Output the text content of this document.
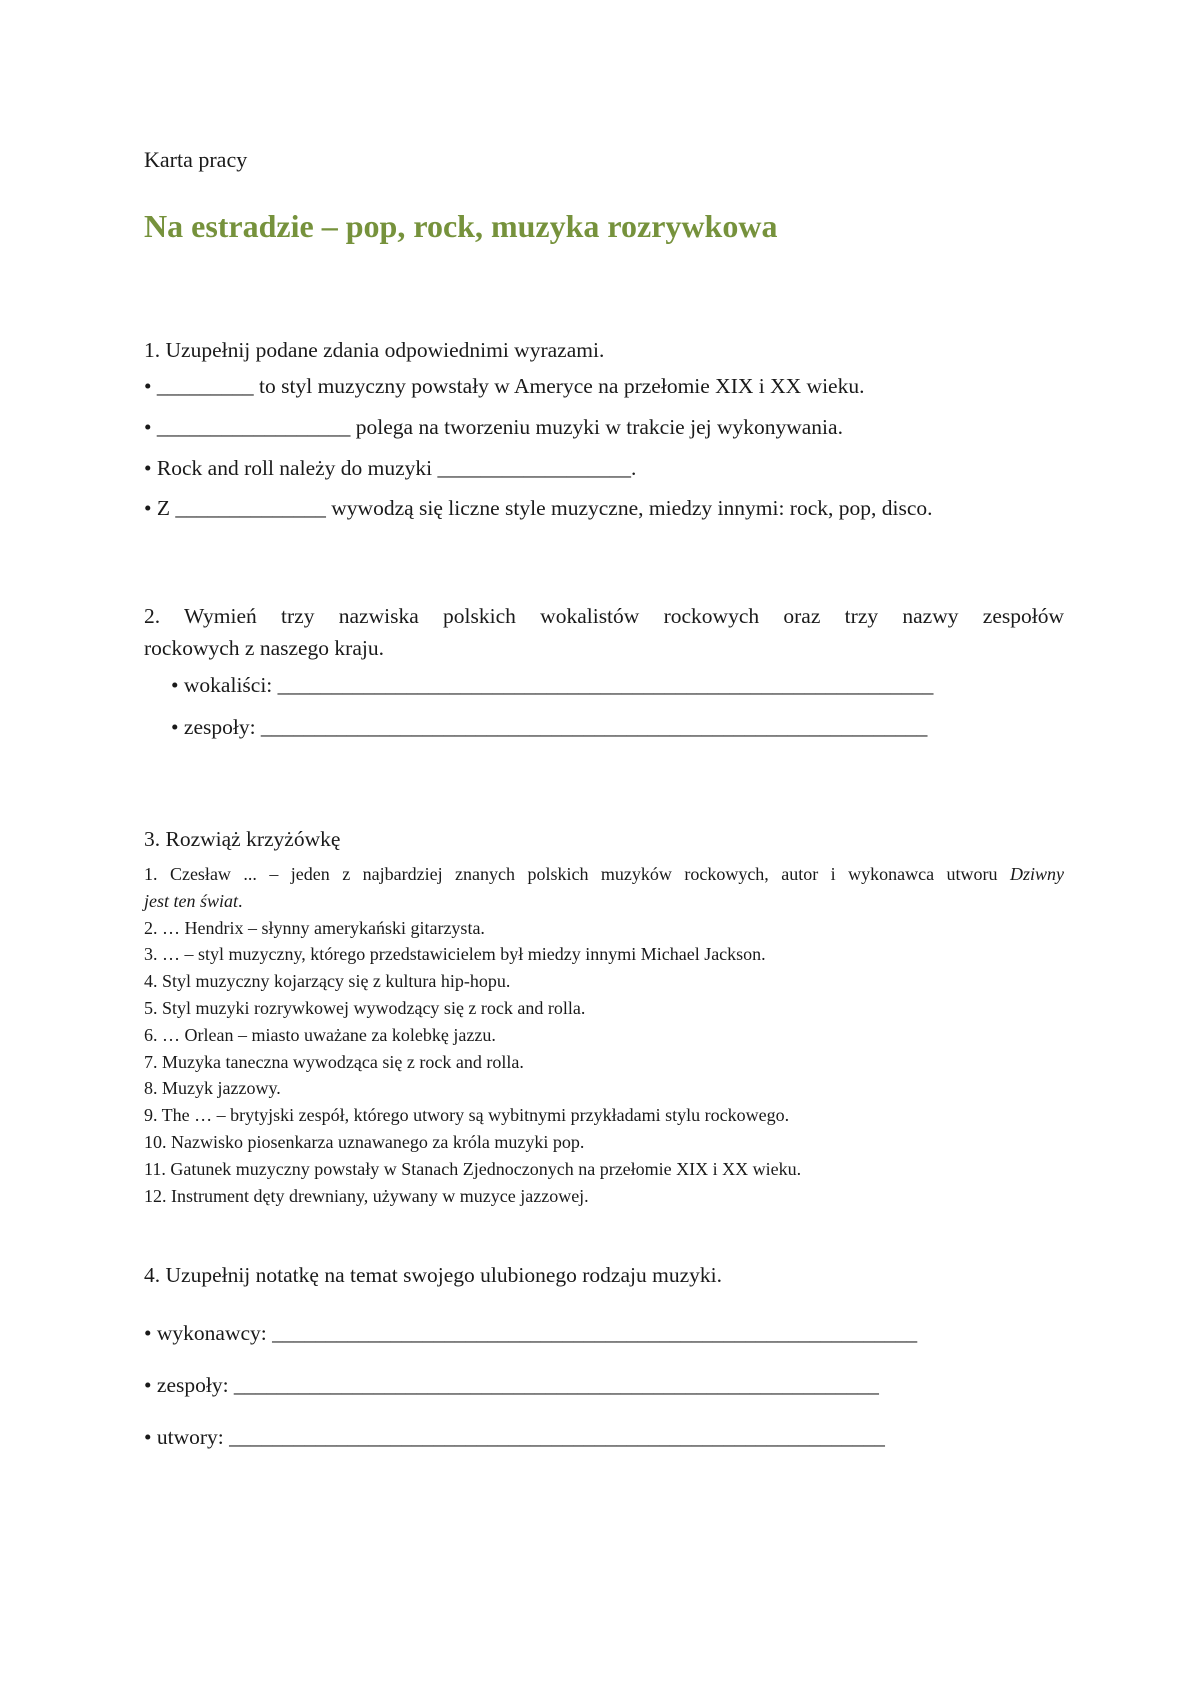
Karta pracy
Na estradzie – pop, rock, muzyka rozrywkowa

1. Uzupełnij podane zdania odpowiednimi wyrazami.

• _________ to styl muzyczny powstały w Ameryce na przełomie XIX i XX wieku.
• __________________ polega na tworzeniu muzyki w trakcie jej wykonywania.
• Rock and roll należy do muzyki __________________.
• Z ______________ wywodzą się liczne style muzyczne, miedzy innymi: rock, pop, disco.
2. Wymień trzy nazwiska polskich wokalistów rockowych oraz trzy nazwy zespołów
rockowych z naszego kraju.
• wokaliści: _____________________________________________________________
• zespoły: ______________________________________________________________

3. Rozwiąż krzyżówkę

1. Czesław ... – jeden z najbardziej znanych polskich muzyków rockowych, autor i wykonawca utworu Dziwny
jest ten świat.
2. … Hendrix – słynny amerykański gitarzysta.
3. … – styl muzyczny, którego przedstawicielem był miedzy innymi Michael Jackson.
4. Styl muzyczny kojarzący się z kultura hip-hopu.
5. Styl muzyki rozrywkowej wywodzący się z rock and rolla.
6. … Orlean – miasto uważane za kolebkę jazzu.
7. Muzyka taneczna wywodząca się z rock and rolla.
8. Muzyk jazzowy.
9. The … – brytyjski zespół, którego utwory są wybitnymi przykładami stylu rockowego.
10. Nazwisko piosenkarza uznawanego za króla muzyki pop.
11. Gatunek muzyczny powstały w Stanach Zjednoczonych na przełomie XIX i XX wieku.
12. Instrument dęty drewniany, używany w muzyce jazzowej.

4. Uzupełnij notatkę na temat swojego ulubionego rodzaju muzyki.

• wykonawcy: ____________________________________________________________
• zespoły: ____________________________________________________________
• utwory: _____________________________________________________________
